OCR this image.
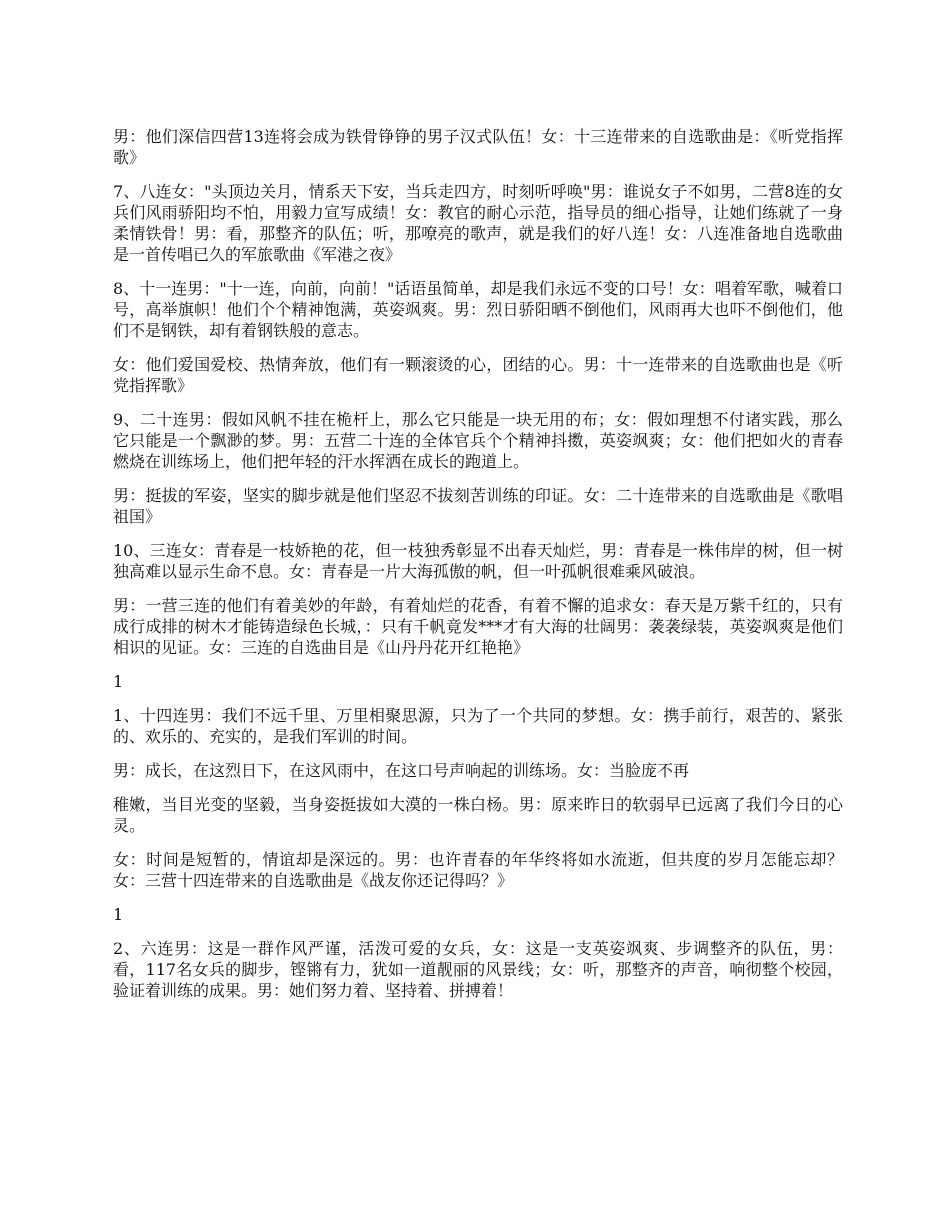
男：他们深信四营13连将会成为铁骨铮铮的男子汉式队伍！女：十三连带来的自选歌曲是：《听党指挥歌》

7、八连女："头顶边关月，情系天下安，当兵走四方，时刻听呼唤"男：谁说女子不如男，二营8连的女兵们风雨骄阳均不怕，用毅力宣写成绩！女：教官的耐心示范，指导员的细心指导，让她们练就了一身柔情铁骨！男：看，那整齐的队伍；听，那嘹亮的歌声，就是我们的好八连！女：八连准备地自选歌曲是一首传唱已久的军旅歌曲《军港之夜》

8、十一连男："十一连，向前，向前！"话语虽简单，却是我们永远不变的口号！女：唱着军歌，喊着口号，高举旗帜！他们个个精神饱满，英姿飒爽。男：烈日骄阳晒不倒他们，风雨再大也吓不倒他们，他们不是钢铁，却有着钢铁般的意志。

女：他们爱国爱校、热情奔放，他们有一颗滚烫的心，团结的心。男：十一连带来的自选歌曲也是《听党指挥歌》

9、二十连男：假如风帆不挂在桅杆上，那么它只能是一块无用的布；女：假如理想不付诸实践，那么它只能是一个飘渺的梦。男：五营二十连的全体官兵个个精神抖擞，英姿飒爽；女：他们把如火的青春燃烧在训练场上，他们把年轻的汗水挥洒在成长的跑道上。

男：挺拔的军姿，坚实的脚步就是他们坚忍不拔刻苦训练的印证。女：二十连带来的自选歌曲是《歌唱祖国》

10、三连女：青春是一枝娇艳的花，但一枝独秀彰显不出春天灿烂，男：青春是一株伟岸的树，但一树独高难以显示生命不息。女：青春是一片大海孤傲的帆，但一叶孤帆很难乘风破浪。

男：一营三连的他们有着美妙的年龄，有着灿烂的花香，有着不懈的追求女：春天是万紫千红的，只有成行成排的树木才能铸造绿色长城，：只有千帆竟发***才有大海的壮阔男：袭袭绿装，英姿飒爽是他们相识的见证。女：三连的自选曲目是《山丹丹花开红艳艳》

1

1、十四连男：我们不远千里、万里相聚思源，只为了一个共同的梦想。女：携手前行，艰苦的、紧张的、欢乐的、充实的，是我们军训的时间。

男：成长，在这烈日下，在这风雨中，在这口号声响起的训练场。女：当脸庞不再

稚嫩，当目光变的坚毅，当身姿挺拔如大漠的一株白杨。男：原来昨日的软弱早已远离了我们今日的心灵。

女：时间是短暂的，情谊却是深远的。男：也许青春的年华终将如水流逝，但共度的岁月怎能忘却？女：三营十四连带来的自选歌曲是《战友你还记得吗？》

1

2、六连男：这是一群作风严谨，活泼可爱的女兵，女：这是一支英姿飒爽、步调整齐的队伍，男：看，117名女兵的脚步，铿锵有力，犹如一道靓丽的风景线；女：听，那整齐的声音，响彻整个校园，验证着训练的成果。男：她们努力着、坚持着、拼搏着！
